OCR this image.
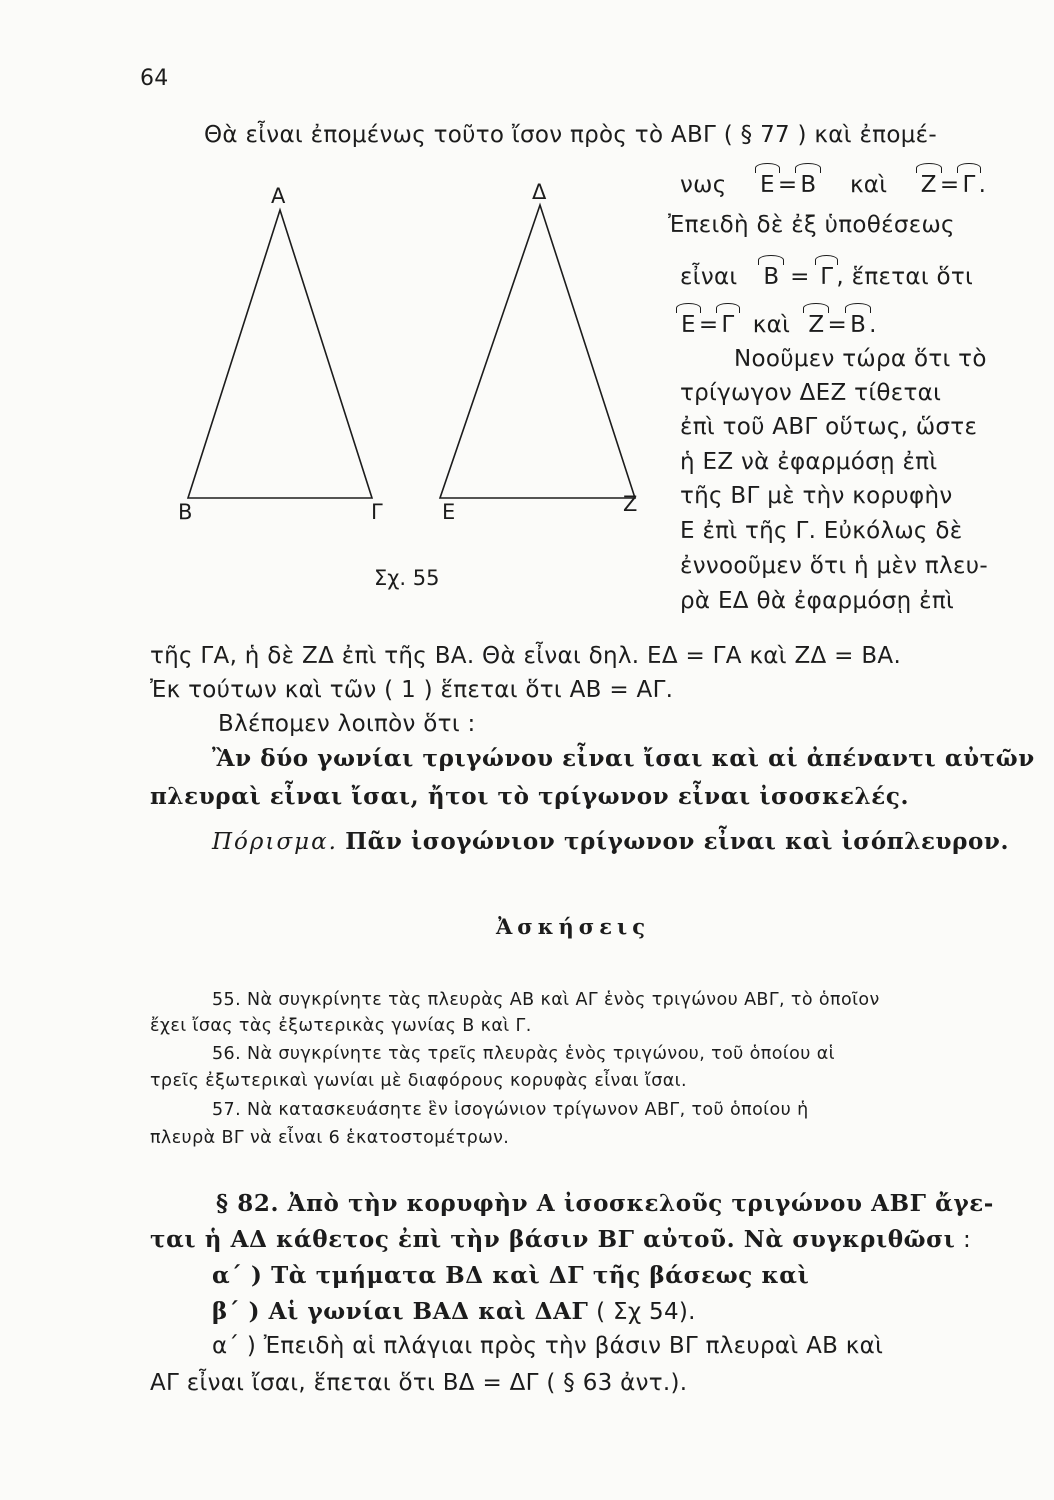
64
Θὰ εἶναι ἐπομένως τοῦτο ἴσον πρὸς τὸ ΑΒΓ ( § 77 ) καὶ ἐπομέ-
Α
Β	Γ
Δ
Ε	Ζ
Σχ. 55
νως Ε = Β καὶ Ζ = Γ .
Ἐπειδὴ δὲ ἐξ ὑποθέσεως
εἶναι Β = Γ , ἕπεται ὅτι
Ε = Γ καὶ Ζ = Β .
Νοοῦμεν τώρα ὅτι τὸ
τρίγωγον ΔΕΖ τίθεται
ἐπὶ τοῦ ΑΒΓ οὕτως, ὥστε
ἡ ΕΖ νὰ ἐφαρμόσῃ ἐπὶ
τῆς ΒΓ μὲ τὴν κορυφὴν
Ε ἐπὶ τῆς Γ. Εὐκόλως δὲ
ἐννοοῦμεν ὅτι ἡ μὲν πλευ-
ρὰ ΕΔ θὰ ἐφαρμόσῃ ἐπὶ
τῆς ΓΑ, ἡ δὲ ΖΔ ἐπὶ τῆς ΒΑ. Θὰ εἶναι δηλ. ΕΔ = ΓΑ καὶ ΖΔ = ΒΑ.
Ἐκ τούτων καὶ τῶν ( 1 ) ἕπεται ὅτι ΑΒ = ΑΓ.
Βλέπομεν λοιπὸν ὅτι :
Ἂν δύο γωνίαι τριγώνου εἶναι ἴσαι καὶ αἱ ἀπέναντι αὐτῶν
πλευραὶ εἶναι ἴσαι, ἤτοι τὸ τρίγωνον εἶναι ἰσοσκελές.
Πόρισμα. Πᾶν ἰσογώνιον τρίγωνον εἶναι καὶ ἰσόπλευρον.
Ἀσκήσεις
55. Νὰ συγκρίνητε τὰς πλευρὰς ΑΒ καὶ ΑΓ ἑνὸς τριγώνου ΑΒΓ, τὸ ὁποῖον
ἔχει ἴσας τὰς ἐξωτερικὰς γωνίας Β καὶ Γ.
56. Νὰ συγκρίνητε τὰς τρεῖς πλευρὰς ἑνὸς τριγώνου, τοῦ ὁποίου αἱ
τρεῖς ἐξωτερικαὶ γωνίαι μὲ διαφόρους κορυφὰς εἶναι ἴσαι.
57. Νὰ κατασκευάσητε ἓν ἰσογώνιον τρίγωνον ΑΒΓ, τοῦ ὁποίου ἡ
πλευρὰ ΒΓ νὰ εἶναι 6 ἑκατοστομέτρων.
§ 82. Ἀπὸ τὴν κορυφὴν Α ἰσοσκελοῦς τριγώνου ΑΒΓ ἄγε-
ται ἡ ΑΔ κάθετος ἐπὶ τὴν βάσιν ΒΓ αὐτοῦ. Νὰ συγκριθῶσι :
α΄ ) Τὰ τμήματα ΒΔ καὶ ΔΓ τῆς βάσεως καὶ
β΄ ) Αἱ γωνίαι ΒΑΔ καὶ ΔΑΓ ( Σχ 54).
α΄ ) Ἐπειδὴ αἱ πλάγιαι πρὸς τὴν βάσιν ΒΓ πλευραὶ ΑΒ καὶ
ΑΓ εἶναι ἴσαι, ἕπεται ὅτι ΒΔ = ΔΓ ( § 63 ἀντ.).
